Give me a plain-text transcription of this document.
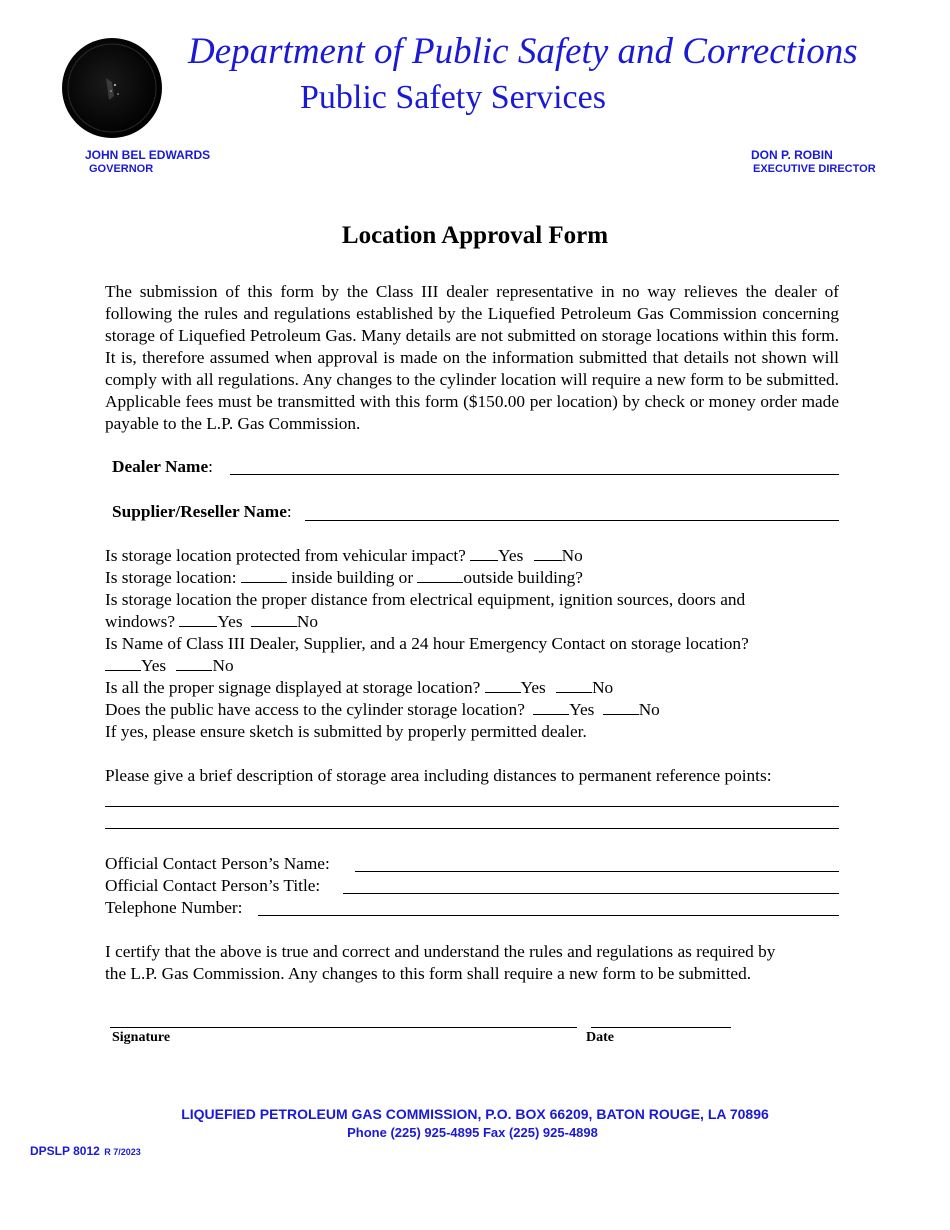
Department of Public Safety and Corrections
Public Safety Services
JOHN BEL EDWARDS
GOVERNOR
DON P. ROBIN
EXECUTIVE DIRECTOR
Location Approval Form
The submission of this form by the Class III dealer representative in no way relieves the dealer of following the rules and regulations established by the Liquefied Petroleum Gas Commission concerning storage of Liquefied Petroleum Gas. Many details are not submitted on storage locations within this form. It is, therefore assumed when approval is made on the information submitted that details not shown will comply with all regulations. Any changes to the cylinder location will require a new form to be submitted. Applicable fees must be transmitted with this form ($150.00 per location) by check or money order made payable to the L.P. Gas Commission.
Dealer Name:
Supplier/Reseller Name:
Is storage location protected from vehicular impact? Yes No
Is storage location:	inside building or	outside building?
Is storage location the proper distance from electrical equipment, ignition sources, doors and
windows? Yes	No
Is Name of Class III Dealer, Supplier, and a 24 hour Emergency Contact on storage location?
Yes	No
Is all the proper signage displayed at storage location? Yes	No
Does the public have access to the cylinder storage location?	Yes	No
If yes, please ensure sketch is submitted by properly permitted dealer.
Please give a brief description of storage area including distances to permanent reference points:
Official Contact Person’s Name:
Official Contact Person’s Title:
Telephone Number:
I certify that the above is true and correct and understand the rules and regulations as required by
the L.P. Gas Commission. Any changes to this form shall require a new form to be submitted.
Signature	Date
LIQUEFIED PETROLEUM GAS COMMISSION, P.O. BOX 66209, BATON ROUGE, LA 70896
Phone (225) 925-4895 Fax (225) 925-4898
DPSLP 8012 R 7/2023
